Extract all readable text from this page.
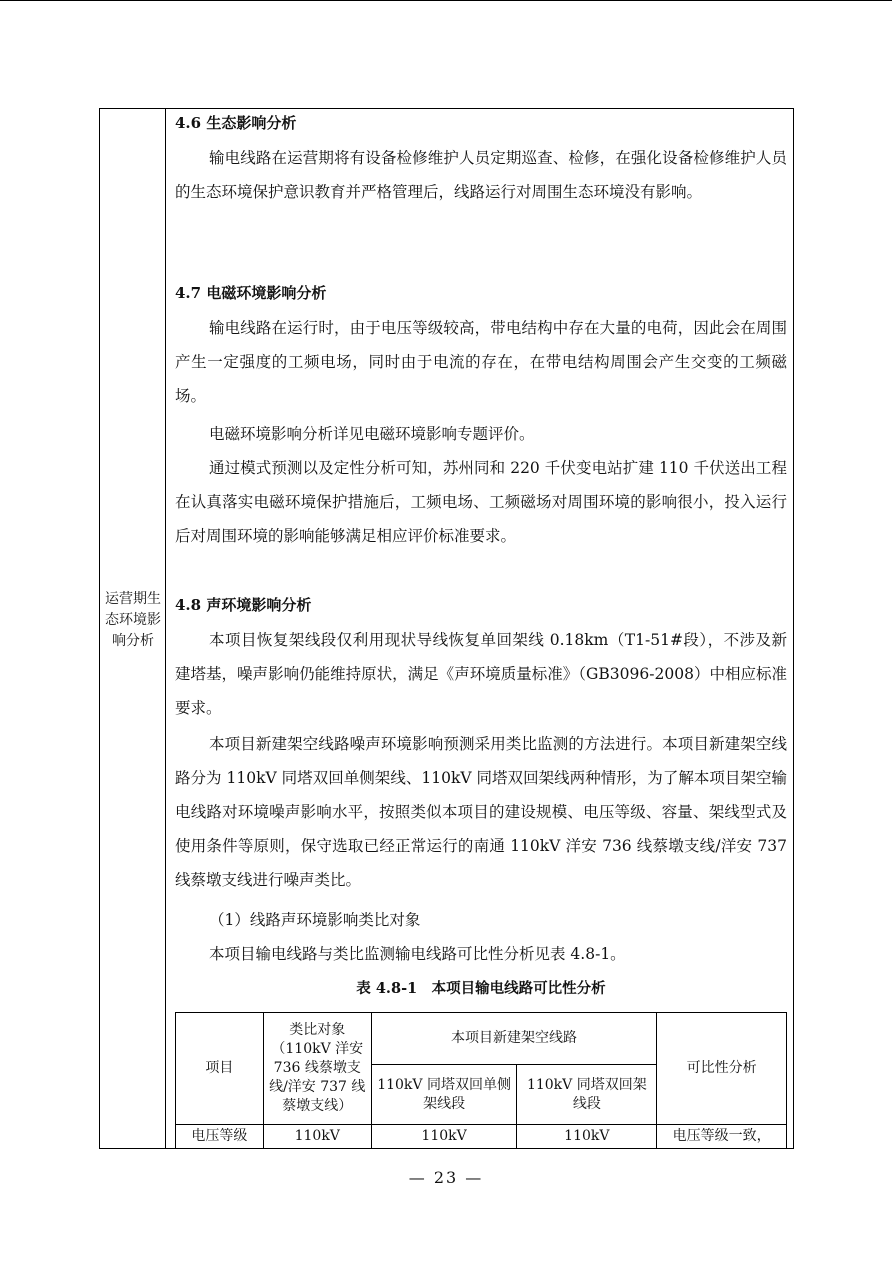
运营期生态环境影响分析
4.6 生态影响分析
输电线路在运营期将有设备检修维护人员定期巡查、检修，在强化设备检修维护人员的生态环境保护意识教育并严格管理后，线路运行对周围生态环境没有影响。
4.7 电磁环境影响分析
输电线路在运行时，由于电压等级较高，带电结构中存在大量的电荷，因此会在周围产生一定强度的工频电场，同时由于电流的存在，在带电结构周围会产生交变的工频磁场。
电磁环境影响分析详见电磁环境影响专题评价。
通过模式预测以及定性分析可知，苏州同和 220 千伏变电站扩建 110 千伏送出工程在认真落实电磁环境保护措施后，工频电场、工频磁场对周围环境的影响很小，投入运行后对周围环境的影响能够满足相应评价标准要求。
4.8 声环境影响分析
本项目恢复架线段仅利用现状导线恢复单回架线 0.18km（T1-51#段），不涉及新建塔基，噪声影响仍能维持原状，满足《声环境质量标准》（GB3096-2008）中相应标准要求。
本项目新建架空线路噪声环境影响预测采用类比监测的方法进行。本项目新建架空线路分为 110kV 同塔双回单侧架线、110kV 同塔双回架线两种情形，为了解本项目架空输电线路对环境噪声影响水平，按照类似本项目的建设规模、电压等级、容量、架线型式及使用条件等原则，保守选取已经正常运行的南通 110kV 洋安 736 线蔡墩支线/洋安 737 线蔡墩支线进行噪声类比。
（1）线路声环境影响类比对象
本项目输电线路与类比监测输电线路可比性分析见表 4.8-1。
表 4.8-1　本项目输电线路可比性分析
项目	类比对象（110kV 洋安 736 线蔡墩支线/洋安 737 线蔡墩支线）	本项目新建架空线路		可比性分析
		110kV 同塔双回单侧架线段	110kV 同塔双回架线段	
电压等级	110kV	110kV	110kV	电压等级一致，
— 23 —
